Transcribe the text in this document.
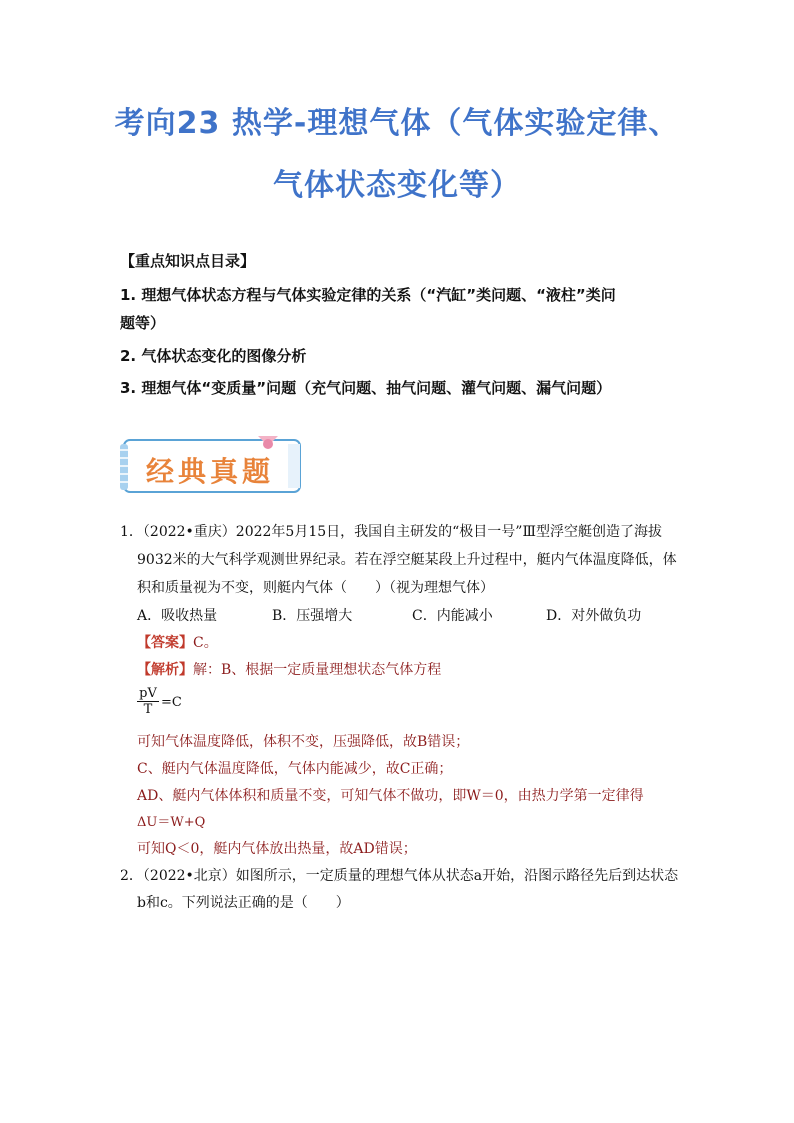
考向23 热学-理想气体（气体实验定律、
气体状态变化等）
【重点知识点目录】
1. 理想气体状态方程与气体实验定律的关系（“汽缸”类问题、“液柱”类问
题等）
2. 气体状态变化的图像分析
3. 理想气体“变质量”问题（充气问题、抽气问题、灌气问题、漏气问题）
经典真题
1．（2022•重庆）2022年5月15日，我国自主研发的“极目一号”Ⅲ型浮空艇创造了海拔
9032米的大气科学观测世界纪录。若在浮空艇某段上升过程中，艇内气体温度降低，体
积和质量视为不变，则艇内气体（　　）（视为理想气体）
A．吸收热量	B．压强增大	C．内能减小	D．对外做负功
【答案】C。
【解析】解：B、根据一定质量理想状态气体方程
pV
T =C
可知气体温度降低，体积不变，压强降低，故B错误；
C、艇内气体温度降低，气体内能减少，故C正确；
AD、艇内气体体积和质量不变，可知气体不做功，即W＝0，由热力学第一定律得
ΔU＝W+Q
可知Q＜0，艇内气体放出热量，故AD错误；
2．（2022•北京）如图所示，一定质量的理想气体从状态a开始，沿图示路径先后到达状态
b和c。下列说法正确的是（　　）
